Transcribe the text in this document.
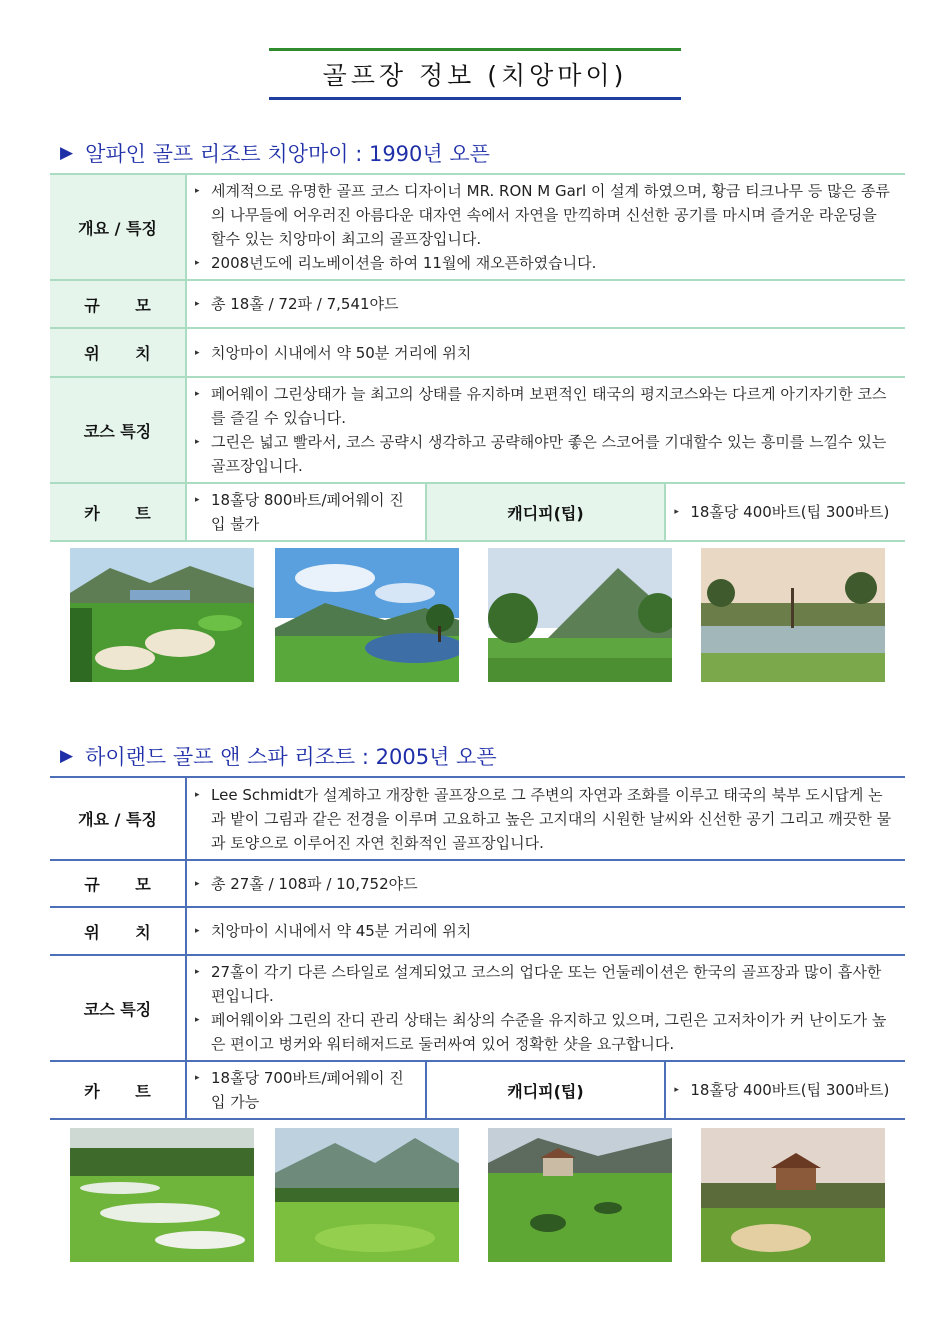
골프장 정보 (치앙마이)
▶ 알파인 골프 리조트 치앙마이 : 1990년 오픈
개요 / 특징	▸ 세계적으로 유명한 골프 코스 디자이너 MR. RON M Garl 이 설계 하였으며, 황금 티크나무 등 많은 종류의 나무들에 어우러진 아름다운 대자연 속에서 자연을 만끽하며 신선한 공기를 마시며 즐거운 라운딩을 할수 있는 치앙마이 최고의 골프장입니다.
▸ 2008년도에 리노베이션을 하여 11월에 재오픈하였습니다.		

규 모	▸ 총 18홀 / 72파 / 7,541야드		

위 치	▸ 치앙마이 시내에서 약 50분 거리에 위치		

코스 특징	▸ 페어웨이 그린상태가 늘 최고의 상태를 유지하며 보편적인 태국의 평지코스와는 다르게 아기자기한 코스를 즐길 수 있습니다.
▸ 그린은 넓고 빨라서, 코스 공략시 생각하고 공략해야만 좋은 스코어를 기대할수 있는 흥미를 느낄수 있는 골프장입니다.		

카 트	▸ 18홀당 800바트/페어웨이 진입 불가	캐디피(팁)	▸ 18홀당 400바트(팁 300바트)
▶ 하이랜드 골프 앤 스파 리조트 : 2005년 오픈
개요 / 특징	▸ Lee Schmidt가 설계하고 개장한 골프장으로 그 주변의 자연과 조화를 이루고 태국의 북부 도시답게 논과 밭이 그림과 같은 전경을 이루며 고요하고 높은 고지대의 시원한 날씨와 신선한 공기 그리고 깨끗한 물과 토양으로 이루어진 자연 친화적인 골프장입니다.		

규 모	▸ 총 27홀 / 108파 / 10,752야드		

위 치	▸ 치앙마이 시내에서 약 45분 거리에 위치		

코스 특징	▸ 27홀이 각기 다른 스타일로 설계되었고 코스의 업다운 또는 언둘레이션은 한국의 골프장과 많이 흡사한 편입니다.
▸ 페어웨이와 그린의 잔디 관리 상태는 최상의 수준을 유지하고 있으며, 그린은 고저차이가 커 난이도가 높은 편이고 벙커와 워터해저드로 둘러싸여 있어 정확한 샷을 요구합니다.		

카 트	▸ 18홀당 700바트/페어웨이 진입 가능	캐디피(팁)	▸ 18홀당 400바트(팁 300바트)
